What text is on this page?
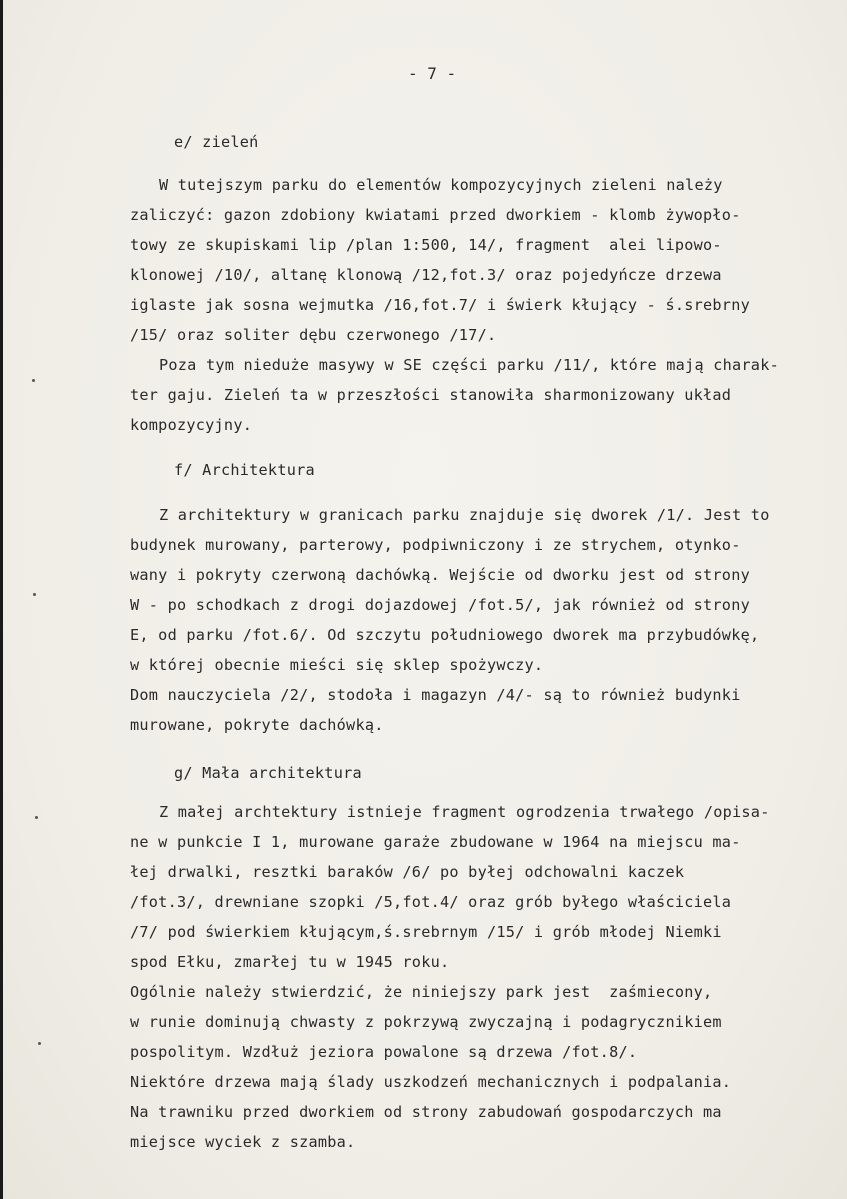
- 7 -
e/ zieleń
W tutejszym parku do elementów kompozycyjnych zieleni należy
zaliczyć: gazon zdobiony kwiatami przed dworkiem - klomb żywopło-
towy ze skupiskami lip /plan 1:500, 14/, fragment  alei lipowo-
klonowej /10/, altanę klonową /12,fot.3/ oraz pojedyńcze drzewa
iglaste jak sosna wejmutka /16,fot.7/ i świerk kłujący - ś.srebrny
/15/ oraz soliter dębu czerwonego /17/.
Poza tym nieduże masywy w SE części parku /11/, które mają charak-
ter gaju. Zieleń ta w przeszłości stanowiła sharmonizowany układ
kompozycyjny.
f/ Architektura
Z architektury w granicach parku znajduje się dworek /1/. Jest to
budynek murowany, parterowy, podpiwniczony i ze strychem, otynko-
wany i pokryty czerwoną dachówką. Wejście od dworku jest od strony
W - po schodkach z drogi dojazdowej /fot.5/, jak również od strony
E, od parku /fot.6/. Od szczytu południowego dworek ma przybudówkę,
w której obecnie mieści się sklep spożywczy.
Dom nauczyciela /2/, stodoła i magazyn /4/- są to również budynki
murowane, pokryte dachówką.
g/ Mała architektura
Z małej archtektury istnieje fragment ogrodzenia trwałego /opisa-
ne w punkcie I 1, murowane garaże zbudowane w 1964 na miejscu ma-
łej drwalki, resztki baraków /6/ po byłej odchowalni kaczek
/fot.3/, drewniane szopki /5,fot.4/ oraz grób byłego właściciela
/7/ pod świerkiem kłującym,ś.srebrnym /15/ i grób młodej Niemki
spod Ełku, zmarłej tu w 1945 roku.
Ogólnie należy stwierdzić, że niniejszy park jest  zaśmiecony,
w runie dominują chwasty z pokrzywą zwyczajną i podagrycznikiem
pospolitym. Wzdłuż jeziora powalone są drzewa /fot.8/.
Niektóre drzewa mają ślady uszkodzeń mechanicznych i podpalania.
Na trawniku przed dworkiem od strony zabudowań gospodarczych ma
miejsce wyciek z szamba.
